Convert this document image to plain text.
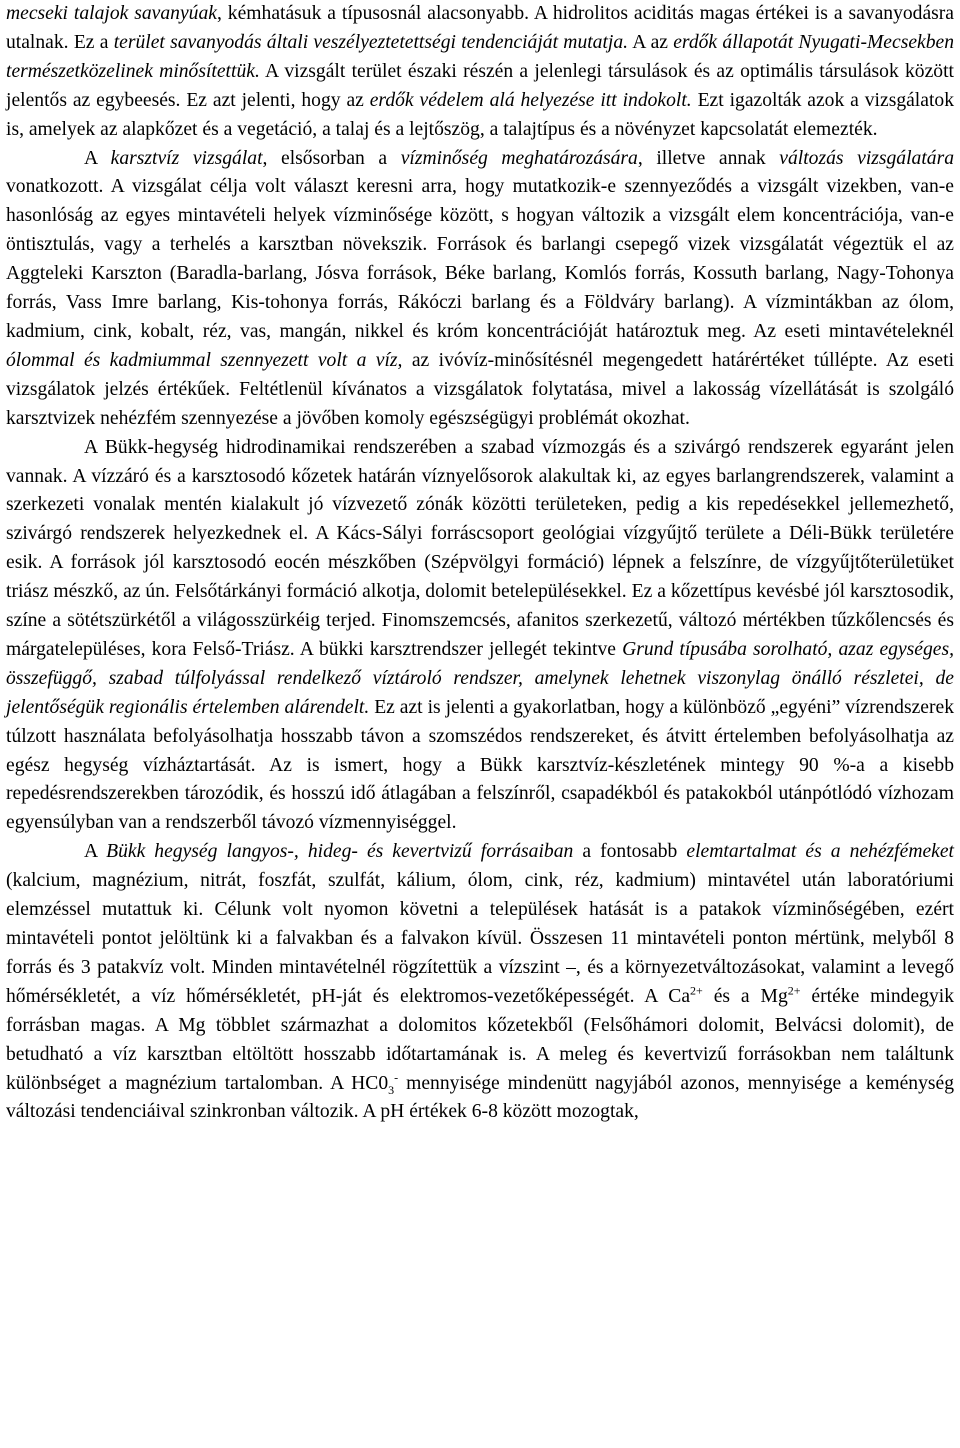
mecseki talajok savanyúak, kémhatásuk a típusosnál alacsonyabb. A hidrolitos aciditás magas értékei is a savanyodásra utalnak. Ez a terület savanyodás általi veszélyeztetettségi tendenciáját mutatja. A az erdők állapotát Nyugati-Mecsekben természetközelinek minősítettük. A vizsgált terület északi részén a jelenlegi társulások és az optimális társulások között jelentős az egybeesés. Ez azt jelenti, hogy az erdők védelem alá helyezése itt indokolt. Ezt igazolták azok a vizsgálatok is, amelyek az alapkőzet és a vegetáció, a talaj és a lejtőszög, a talajtípus és a növényzet kapcsolatát elemezték.

A karsztvíz vizsgálat, elsősorban a vízminőség meghatározására, illetve annak változás vizsgálatára vonatkozott. A vizsgálat célja volt választ keresni arra, hogy mutatkozik-e szennyeződés a vizsgált vizekben, van-e hasonlóság az egyes mintavételi helyek vízminősége között, s hogyan változik a vizsgált elem koncentrációja, van-e öntisztulás, vagy a terhelés a karsztban növekszik. Források és barlangi csepegő vizek vizsgálatát végeztük el az Aggteleki Karszton (Baradla-barlang, Jósva források, Béke barlang, Komlós forrás, Kossuth barlang, Nagy-Tohonya forrás, Vass Imre barlang, Kis-tohonya forrás, Rákóczi barlang és a Földváry barlang). A vízmintákban az ólom, kadmium, cink, kobalt, réz, vas, mangán, nikkel és króm koncentrációját határoztuk meg. Az eseti mintavételeknél ólommal és kadmiummal szennyezett volt a víz, az ivóvíz-minősítésnél megengedett határértéket túllépte. Az eseti vizsgálatok jelzés értékűek. Feltétlenül kívánatos a vizsgálatok folytatása, mivel a lakosság vízellátását is szolgáló karsztvizek nehézfém szennyezése a jövőben komoly egészségügyi problémát okozhat.

A Bükk-hegység hidrodinamikai rendszerében a szabad vízmozgás és a szivárgó rendszerek egyaránt jelen vannak. A vízzáró és a karsztosodó kőzetek határán víznyelősorok alakultak ki, az egyes barlangrendszerek, valamint a szerkezeti vonalak mentén kialakult jó vízvezető zónák közötti területeken, pedig a kis repedésekkel jellemezhető, szivárgó rendszerek helyezkednek el. A Kács-Sályi forráscsoport geológiai vízgyűjtő területe a Déli-Bükk területére esik. A források jól karsztosodó eocén mészkőben (Szépvölgyi formáció) lépnek a felszínre, de vízgyűjtőterületüket triász mészkő, az ún. Felsőtárkányi formáció alkotja, dolomit betelepülésekkel. Ez a kőzettípus kevésbé jól karsztosodik, színe a sötétszürkétől a világosszürkéig terjed. Finomszemcsés, afanitos szerkezetű, változó mértékben tűzkőlencsés és márgatelepüléses, kora Felső-Triász. A bükki karsztrendszer jellegét tekintve Grund típusába sorolható, azaz egységes, összefüggő, szabad túlfolyással rendelkező víztároló rendszer, amelynek lehetnek viszonylag önálló részletei, de jelentőségük regionális értelemben alárendelt. Ez azt is jelenti a gyakorlatban, hogy a különböző „egyéni” vízrendszerek túlzott használata befolyásolhatja hosszabb távon a szomszédos rendszereket, és átvitt értelemben befolyásolhatja az egész hegység vízháztartását. Az is ismert, hogy a Bükk karsztvíz-készletének mintegy 90 %-a a kisebb repedésrendszerekben tározódik, és hosszú idő átlagában a felszínről, csapadékból és patakokból utánpótlódó vízhozam egyensúlyban van a rendszerből távozó vízmennyiséggel.

A Bükk hegység langyos-, hideg- és kevertvizű forrásaiban a fontosabb elemtartalmat és a nehézfémeket (kalcium, magnézium, nitrát, foszfát, szulfát, kálium, ólom, cink, réz, kadmium) mintavétel után laboratóriumi elemzéssel mutattuk ki. Célunk volt nyomon követni a települések hatását is a patakok vízminőségében, ezért mintavételi pontot jelöltünk ki a falvakban és a falvakon kívül. Összesen 11 mintavételi ponton mértünk, melyből 8 forrás és 3 patakvíz volt. Minden mintavételnél rögzítettük a vízszint –, és a környezetváltozásokat, valamint a levegő hőmérsékletét, a víz hőmérsékletét, pH-ját és elektromos-vezetőképességét. A $Ca^{2+}$ és a $Mg^{2+}$ értéke mindegyik forrásban magas. A Mg többlet származhat a dolomitos kőzetekből (Felsőhámori dolomit, Belvácsi dolomit), de betudható a víz karsztban eltöltött hosszabb időtartamának is. A meleg és kevertvizű forrásokban nem találtunk különbséget a magnézium tartalomban. A $HC0_3^-$ mennyisége mindenütt nagyjából azonos, mennyisége a keménység változási tendenciáival szinkronban változik. A pH értékek 6-8 között mozogtak,
